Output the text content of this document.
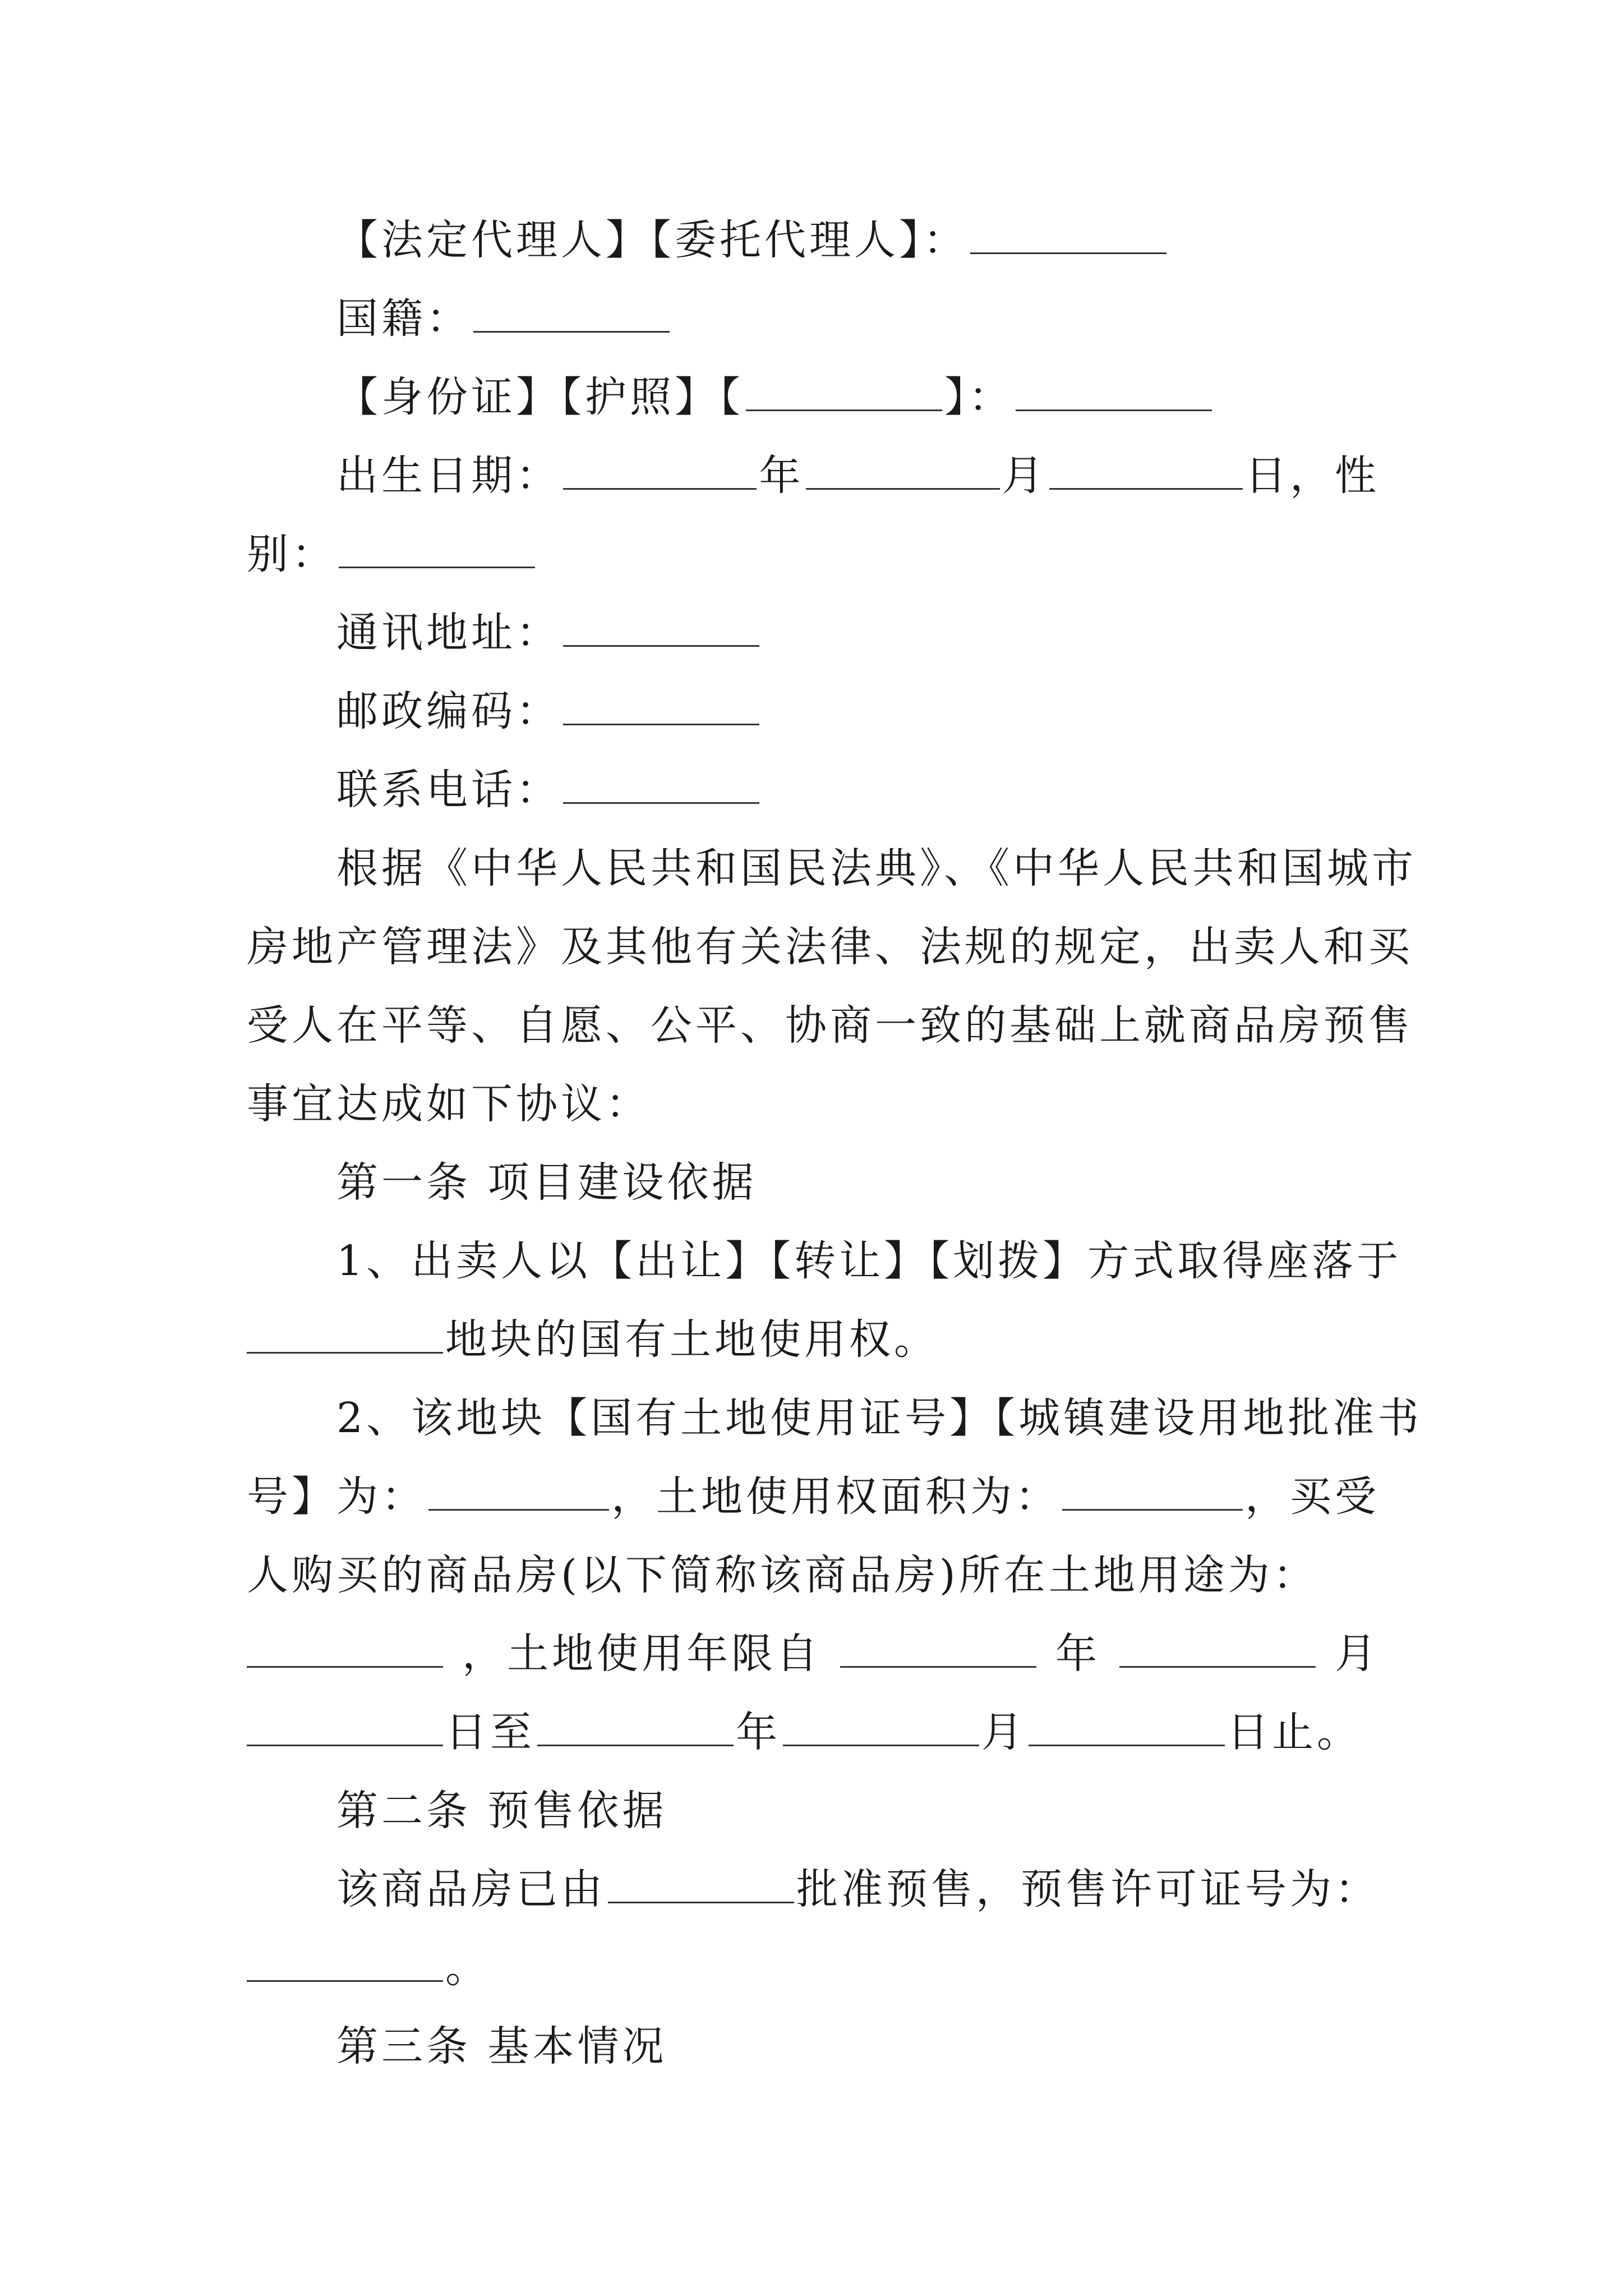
【法定代理人】【委托代理人】：
国籍：
【身份证】【护照】【	】：
出生日期：	年	月	日，性
别：
通讯地址：
邮政编码：
联系电话：
根据《中华人民共和国民法典》、《中华人民共和国城市
房地产管理法》及其他有关法律、法规的规定，出卖人和买
受人在平等、自愿、公平、协商一致的基础上就商品房预售
事宜达成如下协议：
第一条 项目建设依据
1、出卖人以【出让】【转让】【划拨】方式取得座落于
地块的国有土地使用权。
2、该地块【国有土地使用证号】【城镇建设用地批准书
号】为：	，土地使用权面积为：	，买受
人购买的商品房(以下简称该商品房)所在土地用途为：
，土地使用年限自	年	月
日至	年	月	日止。
第二条 预售依据
该商品房已由	批准预售，预售许可证号为：
。
第三条 基本情况
